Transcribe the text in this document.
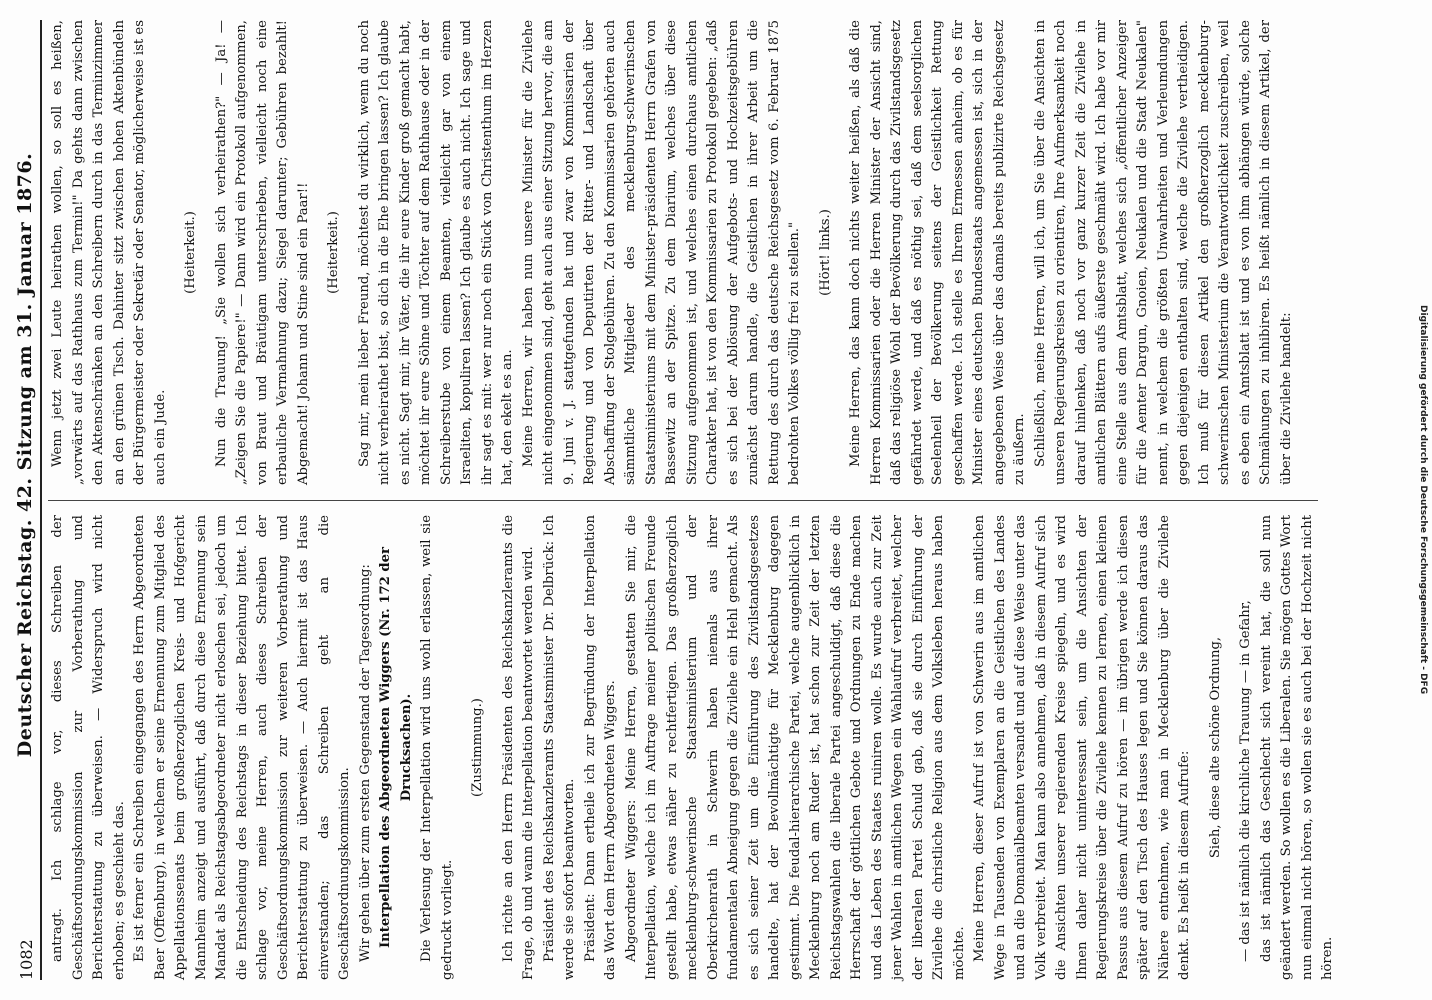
1082
Deutscher Reichstag. 42. Sitzung am 31. Januar 1876.	antragt. Ich schlage vor, dieses Schreiben der Geschäftsordnungskommission zur Vorberathung und Berichterstattung zu überweisen. — Widerspruch wird nicht erhoben; es geschieht das. Es ist ferner ein Schreiben eingegangen des Herrn Abgeordneten Baer (Offenburg), in welchem er seine Ernennung zum Mitglied des Appellationssenats beim großherzoglichen Kreis- und Hofgericht Mannheim anzeigt und ausführt, daß durch diese Ernennung sein Mandat als Reichstagsabgeordneter nicht erloschen sei, jedoch um die Entscheidung des Reichstags in dieser Beziehung bittet. Ich schlage vor, meine Herren, auch dieses Schreiben der Geschäftsordnungskommission zur weiteren Vorberathung und Berichterstattung zu überweisen. — Auch hiermit ist das Haus einverstanden; das Schreiben geht an die Geschäftsordnungskommission. Wir gehen über zum ersten Gegenstand der Tagesordnung: Interpellation des Abgeordneten Wiggers (Nr. 172 der Drucksachen). Die Verlesung der Interpellation wird uns wohl erlassen, weil sie gedruckt vorliegt.

(Zustimmung.) Ich richte an den Herrn Präsidenten des Reichskanzleramts die Frage, ob und wann die Interpellation beantwortet werden wird. Präsident des Reichskanzleramts Staatsminister Dr. Delbrück: Ich werde sie sofort beantworten. Präsident: Dann ertheile ich zur Begründung der Interpellation das Wort dem Herrn Abgeordneten Wiggers. Abgeordneter Wiggers: Meine Herren, gestatten Sie mir, die Interpellation, welche ich im Auftrage meiner politischen Freunde gestellt habe, etwas näher zu rechtfertigen. Das großherzoglich mecklenburg-schwerinsche Staatsministerium und der Oberkirchenrath in Schwerin haben niemals aus ihrer fundamentalen Abneigung gegen die Zivilehe ein Hehl gemacht. Als es sich seiner Zeit um die Einführung des Zivilstandsgesetzes handelte, hat der Bevollmächtigte für Mecklenburg dagegen gestimmt. Die feudal-hierarchische Partei, welche augenblicklich in Mecklenburg noch am Ruder ist, hat schon zur Zeit der letzten Reichstagswahlen die liberale Partei angeschuldigt, daß diese die Herrschaft der göttlichen Gebote und Ordnungen zu Ende machen und das Leben des Staates ruiniren wolle. Es wurde auch zur Zeit jener Wahlen in amtlichen Wegen ein Wahlaufruf verbreitet, welcher der liberalen Partei Schuld gab, daß sie durch Einführung der Zivilehe die christliche Religion aus dem Volksleben heraus haben möchte. Meine Herren, dieser Aufruf ist von Schwerin aus im amtlichen Wege in Tausenden von Exemplaren an die Geistlichen des Landes und an die Domanialbeamten versandt und auf diese Weise unter das Volk verbreitet. Man kann also annehmen, daß in diesem Aufruf sich die Ansichten unserer regierenden Kreise spiegeln, und es wird Ihnen daher nicht uninteressant sein, um die Ansichten der Regierungskreise über die Zivilehe kennen zu lernen, einen kleinen Passus aus diesem Aufruf zu hören — im übrigen werde ich diesen später auf den Tisch des Hauses legen und Sie können daraus das Nähere entnehmen, wie man in Mecklenburg über die Zivilehe denkt. Es heißt in diesem Aufrufe:

Sieh, diese alte schöne Ordnung, — das ist nämlich die kirchliche Trauung — in Gefahr, das ist nämlich das Geschlecht sich vereint hat, die soll nun geändert werden. So wollen es die Liberalen. Sie mögen Gottes Wort nun einmal nicht hören, so wollen sie es auch bei der Hochzeit nicht hören.

Wenn jetzt zwei Leute heirathen wollen, so soll es heißen, „vorwärts auf das Rathhaus zum Termin!" Da gehts dann zwischen den Aktenschränken an den Schreibern durch in das Terminzimmer an den grünen Tisch. Dahinter sitzt zwischen hohen Aktenbündeln der Bürgermeister oder Sekretär oder Senator, möglicherweise ist es auch ein Jude.

(Heiterkeit.) Nun die Trauung! „Sie wollen sich verheirathen?" — Ja! — „Zeigen Sie die Papiere!" — Dann wird ein Protokoll aufgenommen, von Braut und Bräutigam unterschrieben, vielleicht noch eine erbauliche Vermahnung dazu; Siegel darunter; Gebühren bezahlt! Abgemacht! Johann und Stine sind ein Paar!! (Heiterkeit.) Sag mir, mein lieber Freund, möchtest du wirklich, wenn du noch nicht verheirathet bist, so dich in die Ehe bringen lassen? Ich glaube es nicht. Sagt mir, ihr Väter, die ihr eure Kinder groß gemacht habt, möchtet ihr eure Söhne und Töchter auf dem Rathhause oder in der Schreiberstube von einem Beamten, vielleicht gar von einem Israeliten, kopuliren lassen? Ich glaube es auch nicht. Ich sage und ihr sagt es mit: wer nur noch ein Stück von Christenthum im Herzen hat, den ekelt es an. Meine Herren, wir haben nun unsere Minister für die Zivilehe nicht eingenommen sind, geht auch aus einer Sitzung hervor, die am 9. Juni v. J. stattgefunden hat und zwar von Kommissarien der Regierung und von Deputirten der Ritter- und Landschaft über Abschaffung der Stolgebühren. Zu den Kommissarien gehörten auch sämmtliche Mitglieder des mecklenburg-schwerinschen Staatsministeriums mit dem Minister-präsidenten Herrn Grafen von Bassewitz an der Spitze. Zu dem Diarium, welches über diese Sitzung aufgenommen ist, und welches einen durchaus amtlichen Charakter hat, ist von den Kommissarien zu Protokoll gegeben: „daß es sich bei der Ablösung der Aufgebots- und Hochzeitsgebühren zunächst darum handle, die Geistlichen in ihrer Arbeit um die Rettung des durch das deutsche Reichsgesetz vom 6. Februar 1875 bedrohten Volkes völlig frei zu stellen." (Hört! links.) Meine Herren, das kann doch nichts weiter heißen, als daß die Herren Kommissarien oder die Herren Minister der Ansicht sind, daß das religiöse Wohl der Bevölkerung durch das Zivilstandsgesetz gefährdet werde, und daß es nöthig sei, daß dem seelsorglichen Seelenheil der Bevölkerung seitens der Geistlichkeit Rettung geschaffen werde. Ich stelle es Ihrem Ermessen anheim, ob es für Minister eines deutschen Bundesstaats angemessen ist, sich in der angegebenen Weise über das damals bereits publizirte Reichsgesetz zu äußern. Schließlich, meine Herren, will ich, um Sie über die Ansichten in unseren Regierungskreisen zu orientiren, Ihre Aufmerksamkeit noch darauf hinlenken, daß noch vor ganz kurzer Zeit die Zivilehe in amtlichen Blättern aufs äußerste geschmäht wird. Ich habe vor mir eine Stelle aus dem Amtsblatt, welches sich „öffentlicher Anzeiger für die Aemter Dargun, Gnoien, Neukalen und die Stadt Neukalen" nennt, in welchem die größten Unwahrheiten und Verleumdungen gegen diejenigen enthalten sind, welche die Zivilehe vertheidigen. Ich muß für diesen Artikel den großherzoglich mecklenburg-schwerinschen Ministerium die Verantwortlichkeit zuschreiben, weil es eben ein Amtsblatt ist und es von ihm abhängen würde, solche Schmähungen zu inhibiren. Es heißt nämlich in diesem Artikel, der über die Zivilehe handelt:	Digitalisierung gefördert durch die Deutsche Forschungsgemeinschaft - DFG
